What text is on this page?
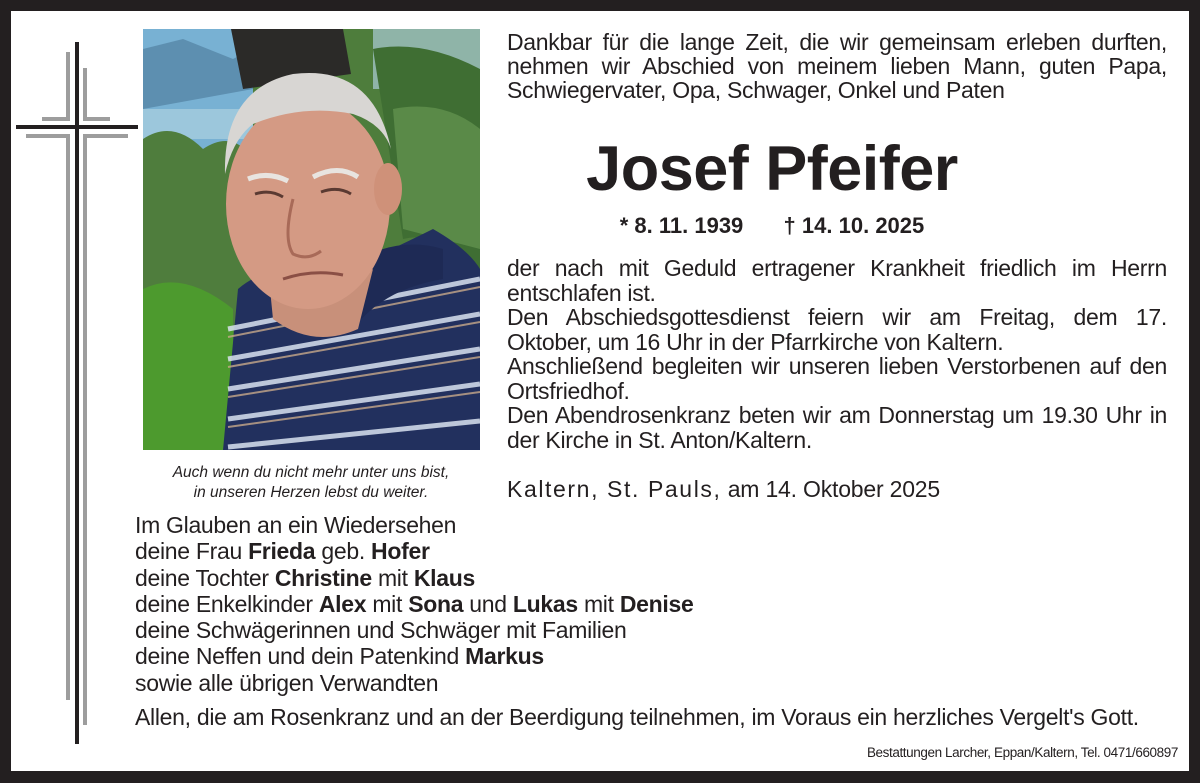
Auch wenn du nicht mehr unter uns bist,
in unseren Herzen lebst du weiter.
Dankbar für die lange Zeit, die wir gemeinsam erleben durften, nehmen wir Abschied von meinem lieben Mann, guten Papa, Schwiegervater, Opa, Schwager, Onkel und Paten
Josef Pfeifer
* 8. 11. 1939 † 14. 10. 2025

der nach mit Geduld ertragener Krankheit friedlich im Herrn entschlafen ist.

Den Abschiedsgottesdienst feiern wir am Freitag, dem 17. Oktober, um 16 Uhr in der Pfarrkirche von Kaltern.

Anschließend begleiten wir unseren lieben Verstorbenen auf den Ortsfriedhof.

Den Abendrosenkranz beten wir am Donnerstag um 19.30 Uhr in der Kirche in St. Anton/Kaltern.

Kaltern, St. Pauls, am 14. Oktober 2025
Im Glauben an ein Wiedersehen
deine Frau Frieda geb. Hofer
deine Tochter Christine mit Klaus
deine Enkelkinder Alex mit Sona und Lukas mit Denise
deine Schwägerinnen und Schwäger mit Familien
deine Neffen und dein Patenkind Markus
sowie alle übrigen Verwandten
Allen, die am Rosenkranz und an der Beerdigung teilnehmen, im Voraus ein herzliches Vergelt's Gott.
Bestattungen Larcher, Eppan/Kaltern, Tel. 0471/660897
